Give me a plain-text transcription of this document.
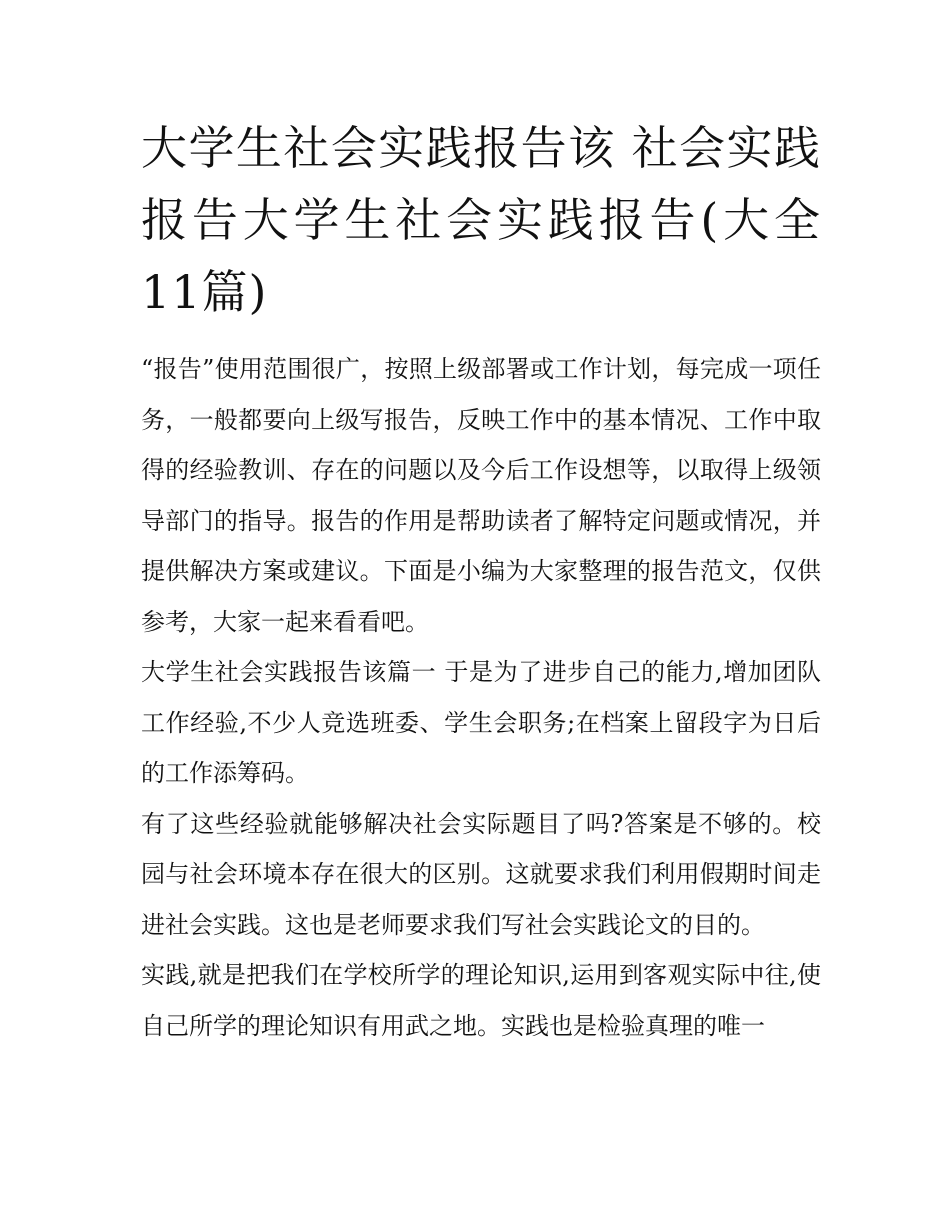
大学生社会实践报告该 社会实践报告大学生社会实践报告(大全11篇)

“报告”使用范围很广，按照上级部署或工作计划，每完成一项任务，一般都要向上级写报告，反映工作中的基本情况、工作中取得的经验教训、存在的问题以及今后工作设想等，以取得上级领导部门的指导。报告的作用是帮助读者了解特定问题或情况，并提供解决方案或建议。下面是小编为大家整理的报告范文，仅供参考，大家一起来看看吧。

大学生社会实践报告该篇一 于是为了进步自己的能力,增加团队工作经验,不少人竞选班委、学生会职务;在档案上留段字为日后的工作添筹码。

有了这些经验就能够解决社会实际题目了吗?答案是不够的。校园与社会环境本存在很大的区别。这就要求我们利用假期时间走进社会实践。这也是老师要求我们写社会实践论文的目的。

实践,就是把我们在学校所学的理论知识,运用到客观实际中往,使自己所学的理论知识有用武之地。实践也是检验真理的唯一
